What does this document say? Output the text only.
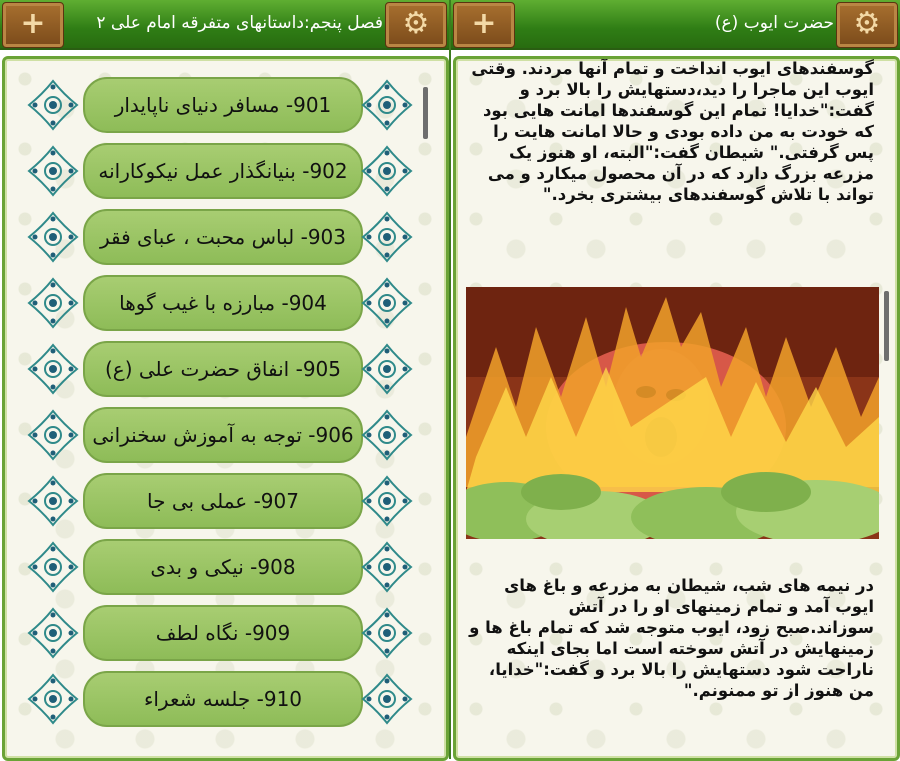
+	⚙
فصل پنجم:داستانهای متفرقه امام علی ۲
901- مسافر دنیای ناپایدار
902- بنیانگذار عمل نیکوکارانه
903- لباس محبت ، عبای فقر
904- مبارزه با غیب گوها
905- انفاق حضرت علی (ع)
906- توجه به آموزش سخنرانی
907- عملی بی جا
908- نیکی و بدی
909- نگاه لطف
910- جلسه شعراء
+	⚙
حضرت ایوب (ع)
گوسفندهای ایوب انداخت و تمام آنها مردند. وقتی ایوب این ماجرا را دید،دستهایش را بالا برد و گفت:"خدایا! تمام این گوسفندها امانت هایی بود که خودت به من داده بودی و حالا امانت هایت را پس گرفتی." شیطان گفت:"البته، او هنوز یک مزرعه بزرگ دارد که در آن محصول میکارد و می تواند با تلاش گوسفندهای بیشتری بخرد."
در نیمه های شب، شیطان به مزرعه و باغ های ایوب آمد و تمام زمینهای او را در آتش سوزاند.صبح زود، ایوب متوجه شد که تمام باغ ها و زمینهایش در آتش سوخته است اما بجای اینکه ناراحت شود دستهایش را بالا برد و گفت:"خدایا، من هنوز از تو ممنونم."
